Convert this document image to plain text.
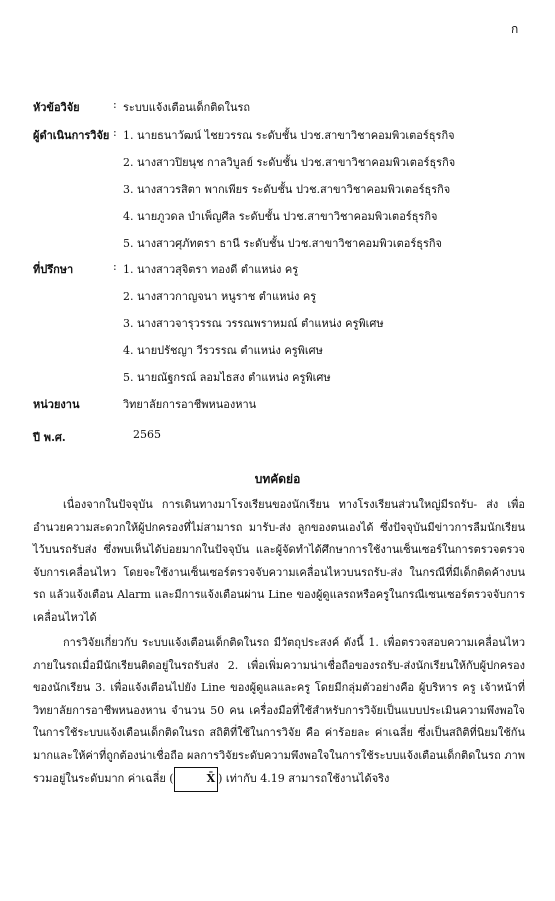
ก
หัวข้อวิจัย	: ระบบแจ้งเตือนเด็กติดในรถ
ผู้ดำเนินการวิจัย : 1. นายธนาวัฒน์ ไชยวรรณ ระดับชั้น ปวช.สาขาวิชาคอมพิวเตอร์ธุรกิจ
2. นางสาวปิยนุช กาลวิบูลย์ ระดับชั้น ปวช.สาขาวิชาคอมพิวเตอร์ธุรกิจ
3. นางสาวรสิตา พากเพียร ระดับชั้น ปวช.สาขาวิชาคอมพิวเตอร์ธุรกิจ
4. นายภูวดล บำเพ็ญศีล ระดับชั้น ปวช.สาขาวิชาคอมพิวเตอร์ธุรกิจ
5. นางสาวศุภัทตรา ธานี ระดับชั้น ปวช.สาขาวิชาคอมพิวเตอร์ธุรกิจ
ที่ปรึกษา	: 1. นางสาวสุจิตรา ทองดี ตำแหน่ง ครู
2. นางสาวกาญจนา หนูราช ตำแหน่ง ครู
3. นางสาวจารุวรรณ วรรณพราหมณ์ ตำแหน่ง ครูพิเศษ
4. นายปรัชญา วีรวรรณ ตำแหน่ง ครูพิเศษ
5. นายณัฐกรณ์ ลอมไธสง ตำแหน่ง ครูพิเศษ
หน่วยงาน	วิทยาลัยการอาชีพหนองหาน
ปี พ.ศ.	2565
บทคัดย่อ

เนื่องจากในปัจจุบัน การเดินทางมาโรงเรียนของนักเรียน ทางโรงเรียนส่วนใหญ่มีรถรับ- ส่ง เพื่ออำนวยความสะดวกให้ผู้ปกครองที่ไม่สามารถ มารับ-ส่ง ลูกของตนเองได้ ซึ่งปัจจุบันมีข่าวการลืมนักเรียนไว้บนรถรับส่ง ซึ่งพบเห็นได้บ่อยมากในปัจจุบัน และผู้จัดทำได้ศึกษาการใช้งานเซ็นเซอร์ในการตรวจตรวจจับการเคลื่อนไหว โดยจะใช้งานเซ็นเซอร์ตรวจจับความเคลื่อนไหวบนรถรับ-ส่ง ในกรณีที่มีเด็กติดค้างบนรถ แล้วแจ้งเตือน Alarm และมีการแจ้งเตือนผ่าน Line ของผู้ดูแลรถหรือครูในกรณีเซนเซอร์ตรวจจับการเคลื่อนไหวได้

การวิจัยเกี่ยวกับ ระบบแจ้งเตือนเด็กติดในรถ มีวัตถุประสงค์ ดังนี้ 1. เพื่อตรวจสอบความเคลื่อนไหวภายในรถเมื่อมีนักเรียนติดอยู่ในรถรับส่ง 2. เพื่อเพิ่มความน่าเชื่อถือของรถรับ-ส่งนักเรียนให้กับผู้ปกครองของนักเรียน 3. เพื่อแจ้งเตือนไปยัง Line ของผู้ดูแลและครู โดยมีกลุ่มตัวอย่างคือ ผู้บริหาร ครู เจ้าหน้าที่วิทยาลัยการอาชีพหนองหาน จำนวน 50 คน เครื่องมือที่ใช้สำหรับการวิจัยเป็นแบบประเมินความพึงพอใจในการใช้ระบบแจ้งเตือนเด็กติดในรถ สถิติที่ใช้ในการวิจัย คือ ค่าร้อยละ ค่าเฉลี่ย ซึ่งเป็นสถิติที่นิยมใช้กันมากและให้ค่าที่ถูกต้องน่าเชื่อถือ ผลการวิจัยระดับความพึงพอใจในการใช้ระบบแจ้งเตือนเด็กติดในรถ ภาพรวมอยู่ในระดับมาก ค่าเฉลี่ย (	X̄ ) เท่ากับ 4.19 สามารถใช้งานได้จริง
